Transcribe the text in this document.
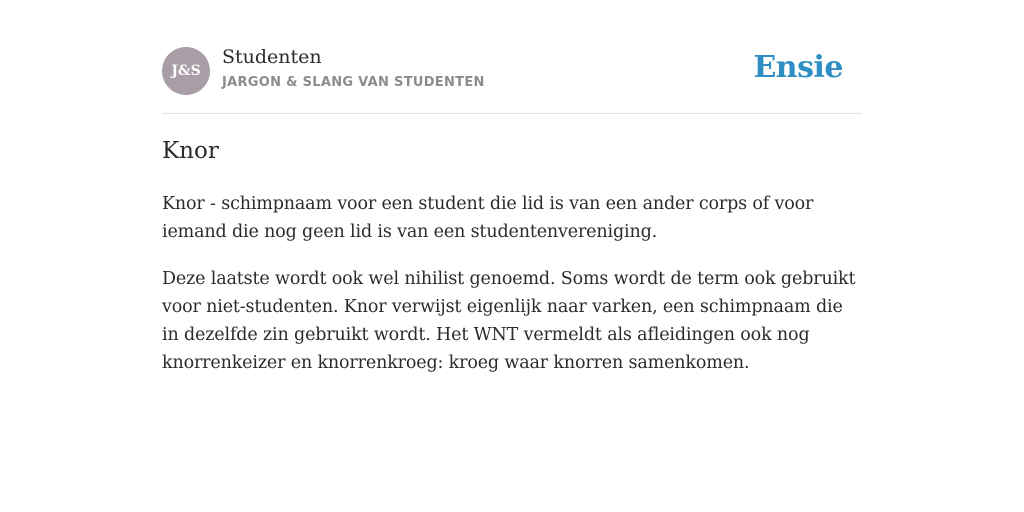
J&S
Studenten
JARGON & SLANG VAN STUDENTEN	Ensie
Knor

Knor - schimpnaam voor een student die lid is van een ander corps of voor iemand die nog geen lid is van een studentenvereniging.

Deze laatste wordt ook wel nihilist genoemd. Soms wordt de term ook gebruikt voor niet-studenten. Knor verwijst eigenlijk naar varken, een schimpnaam die in dezelfde zin gebruikt wordt. Het WNT vermeldt als afleidingen ook nog knorrenkeizer en knorrenkroeg: kroeg waar knorren samenkomen.
